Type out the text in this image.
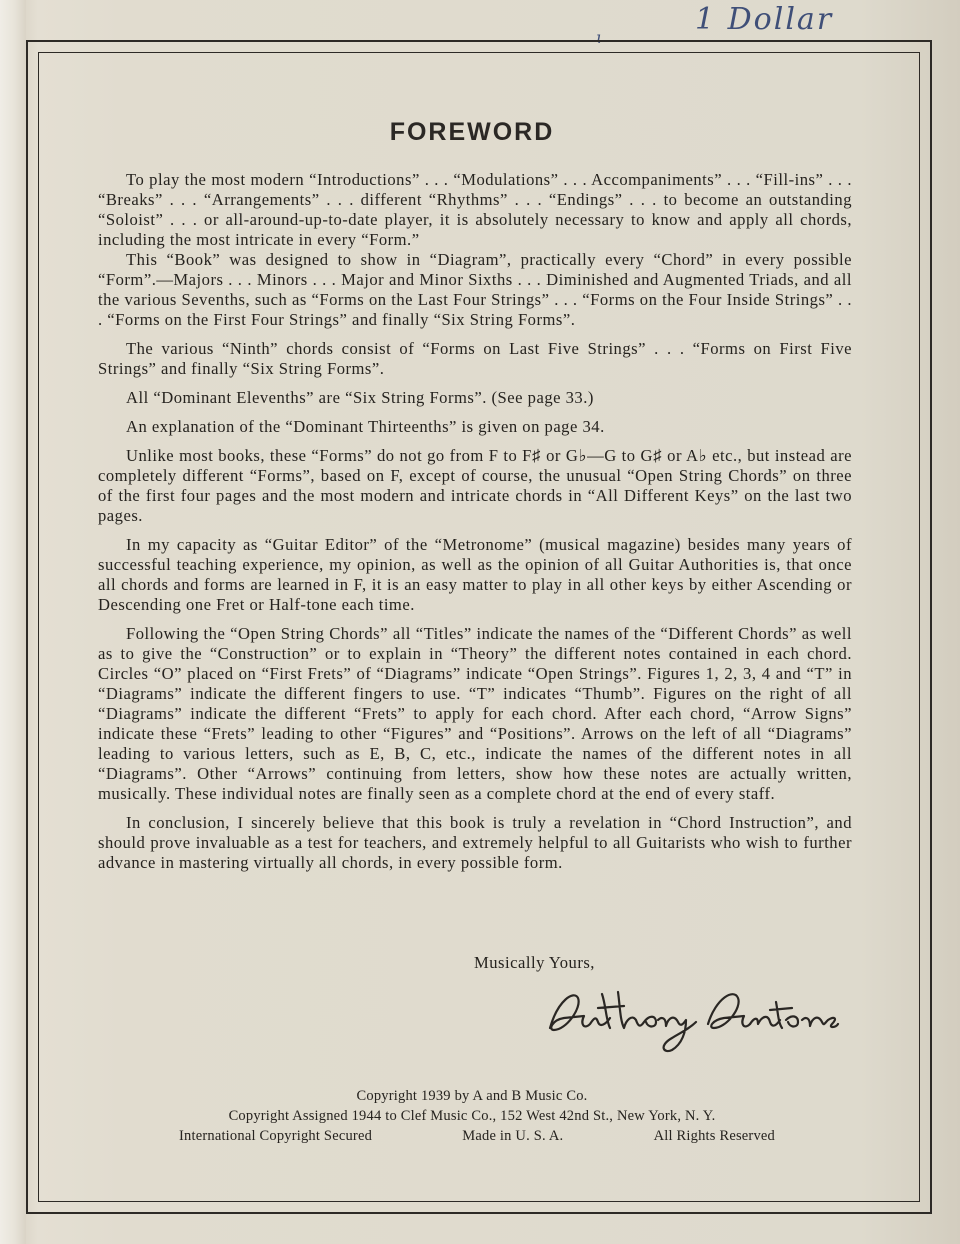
ɩ
1 Dollar
FOREWORD

To play the most modern “Introductions” . . . “Modulations” . . . Accompaniments” . . . “Fill-ins” . . . “Breaks” . . . “Arrangements” . . . different “Rhythms” . . . “Endings” . . . to become an outstanding “Soloist” . . . or all-around-up-to-date player, it is absolutely necessary to know and apply all chords, including the most intricate in every “Form.”

This “Book” was designed to show in “Diagram”, practically every “Chord” in every possible “Form”.—Majors . . . Minors . . . Major and Minor Sixths . . . Diminished and Augmented Triads, and all the various Sevenths, such as “Forms on the Last Four Strings” . . . “Forms on the Four Inside Strings” . . . “Forms on the First Four Strings” and finally “Six String Forms”.

The various “Ninth” chords consist of “Forms on Last Five Strings” . . . “Forms on First Five Strings” and finally “Six String Forms”.

All “Dominant Elevenths” are “Six String Forms”. (See page 33.)

An explanation of the “Dominant Thirteenths” is given on page 34.

Unlike most books, these “Forms” do not go from F to F♯ or G♭—G to G♯ or A♭ etc., but instead are completely different “Forms”, based on F, except of course, the unusual “Open String Chords” on three of the first four pages and the most modern and intricate chords in “All Different Keys” on the last two pages.

In my capacity as “Guitar Editor” of the “Metronome” (musical magazine) besides many years of successful teaching experience, my opinion, as well as the opinion of all Guitar Authorities is, that once all chords and forms are learned in F, it is an easy matter to play in all other keys by either Ascending or Descending one Fret or Half-tone each time.

Following the “Open String Chords” all “Titles” indicate the names of the “Different Chords” as well as to give the “Construction” or to explain in “Theory” the different notes contained in each chord. Circles “O” placed on “First Frets” of “Diagrams” indicate “Open Strings”. Figures 1, 2, 3, 4 and “T” in “Diagrams” indicate the different fingers to use. “T” indicates “Thumb”. Figures on the right of all “Diagrams” indicate the different “Frets” to apply for each chord. After each chord, “Arrow Signs” indicate these “Frets” leading to other “Figures” and “Positions”. Arrows on the left of all “Diagrams” leading to various letters, such as E, B, C, etc., indicate the names of the different notes in all “Diagrams”. Other “Arrows” continuing from letters, show how these notes are actually written, musically. These individual notes are finally seen as a complete chord at the end of every staff.

In conclusion, I sincerely believe that this book is truly a revelation in “Chord Instruction”, and should prove invaluable as a test for teachers, and extremely helpful to all Guitarists who wish to further advance in mastering virtually all chords, in every possible form.

Musically Yours,
Copyright 1939 by A and B Music Co.
Copyright Assigned 1944 to Clef Music Co., 152 West 42nd St., New York, N. Y.
International Copyright Secured	Made in U. S. A.	All Rights Reserved
